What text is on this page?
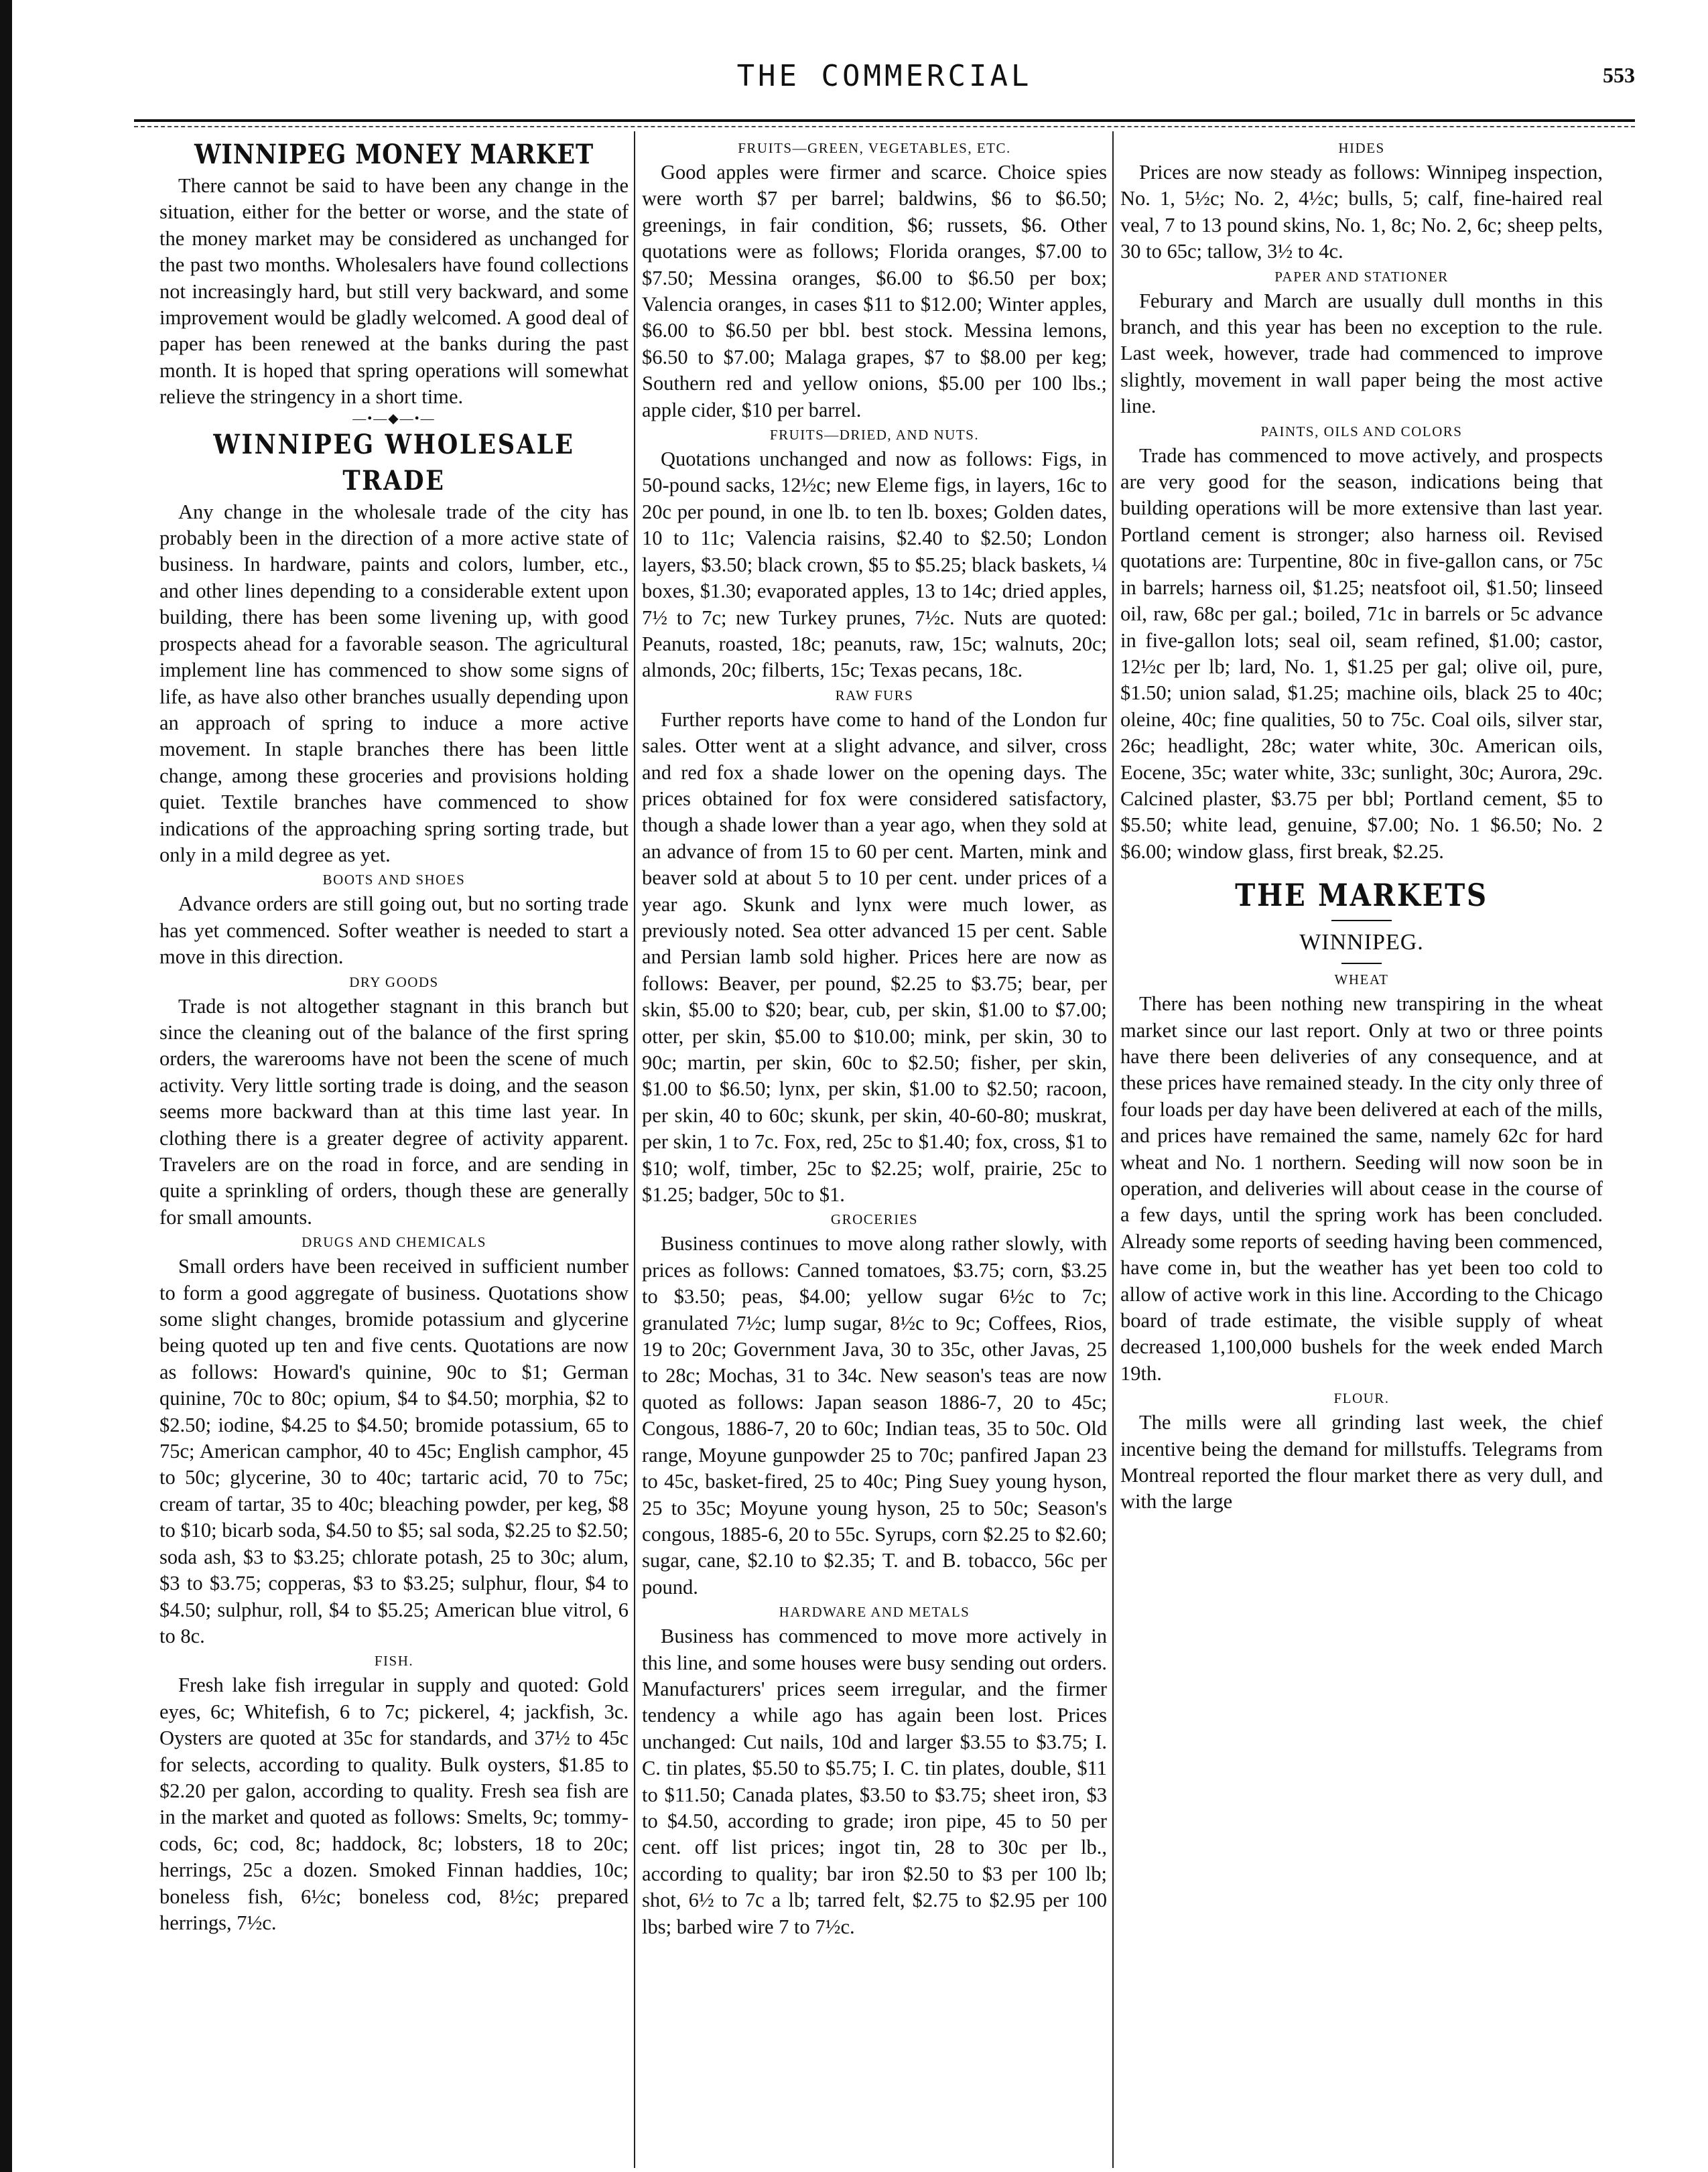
THE COMMERCIAL	553
WINNIPEG MONEY MARKET

There cannot be said to have been any change in the situation, either for the better or worse, and the state of the money market may be considered as unchanged for the past two months. Wholesalers have found collections not increasingly hard, but still very backward, and some improvement would be gladly welcomed. A good deal of paper has been renewed at the banks during the past month. It is hoped that spring operations will somewhat relieve the stringency in a short time.

—•—◆—•—
WINNIPEG WHOLESALE TRADE

Any change in the wholesale trade of the city has probably been in the direction of a more active state of business. In hardware, paints and colors, lumber, etc., and other lines depending to a considerable extent upon building, there has been some livening up, with good prospects ahead for a favorable season. The agricultural implement line has commenced to show some signs of life, as have also other branches usually depending upon an approach of spring to induce a more active movement. In staple branches there has been little change, among these groceries and provisions holding quiet. Textile branches have commenced to show indications of the approaching spring sorting trade, but only in a mild degree as yet.

BOOTS AND SHOES

Advance orders are still going out, but no sorting trade has yet commenced. Softer weather is needed to start a move in this direction.

DRY GOODS

Trade is not altogether stagnant in this branch but since the cleaning out of the balance of the first spring orders, the warerooms have not been the scene of much activity. Very little sorting trade is doing, and the season seems more backward than at this time last year. In clothing there is a greater degree of activity apparent. Travelers are on the road in force, and are sending in quite a sprinkling of orders, though these are generally for small amounts.

DRUGS AND CHEMICALS

Small orders have been received in sufficient number to form a good aggregate of business. Quotations show some slight changes, bromide potassium and glycerine being quoted up ten and five cents. Quotations are now as follows: Howard's quinine, 90c to $1; German quinine, 70c to 80c; opium, $4 to $4.50; morphia, $2 to $2.50; iodine, $4.25 to $4.50; bromide potassium, 65 to 75c; American camphor, 40 to 45c; English camphor, 45 to 50c; glycerine, 30 to 40c; tartaric acid, 70 to 75c; cream of tartar, 35 to 40c; bleaching powder, per keg, $8 to $10; bicarb soda, $4.50 to $5; sal soda, $2.25 to $2.50; soda ash, $3 to $3.25; chlorate potash, 25 to 30c; alum, $3 to $3.75; copperas, $3 to $3.25; sulphur, flour, $4 to $4.50; sulphur, roll, $4 to $5.25; American blue vitrol, 6 to 8c.

FISH.

Fresh lake fish irregular in supply and quoted: Gold eyes, 6c; Whitefish, 6 to 7c; pickerel, 4; jackfish, 3c. Oysters are quoted at 35c for standards, and 37½ to 45c for selects, according to quality. Bulk oysters, $1.85 to $2.20 per galon, according to quality. Fresh sea fish are in the market and quoted as follows: Smelts, 9c; tommy-cods, 6c; cod, 8c; haddock, 8c; lobsters, 18 to 20c; herrings, 25c a dozen. Smoked Finnan haddies, 10c; boneless fish, 6½c; boneless cod, 8½c; prepared herrings, 7½c.

FRUITS—GREEN, VEGETABLES, ETC.

Good apples were firmer and scarce. Choice spies were worth $7 per barrel; baldwins, $6 to $6.50; greenings, in fair condition, $6; russets, $6. Other quotations were as follows; Florida oranges, $7.00 to $7.50; Messina oranges, $6.00 to $6.50 per box; Valencia oranges, in cases $11 to $12.00; Winter apples, $6.00 to $6.50 per bbl. best stock. Messina lemons, $6.50 to $7.00; Malaga grapes, $7 to $8.00 per keg; Southern red and yellow onions, $5.00 per 100 lbs.; apple cider, $10 per barrel.

FRUITS—DRIED, AND NUTS.

Quotations unchanged and now as follows: Figs, in 50-pound sacks, 12½c; new Eleme figs, in layers, 16c to 20c per pound, in one lb. to ten lb. boxes; Golden dates, 10 to 11c; Valencia raisins, $2.40 to $2.50; London layers, $3.50; black crown, $5 to $5.25; black baskets, ¼ boxes, $1.30; evaporated apples, 13 to 14c; dried apples, 7½ to 7c; new Turkey prunes, 7½c. Nuts are quoted: Peanuts, roasted, 18c; peanuts, raw, 15c; walnuts, 20c; almonds, 20c; filberts, 15c; Texas pecans, 18c.

RAW FURS

Further reports have come to hand of the London fur sales. Otter went at a slight advance, and silver, cross and red fox a shade lower on the opening days. The prices obtained for fox were considered satisfactory, though a shade lower than a year ago, when they sold at an advance of from 15 to 60 per cent. Marten, mink and beaver sold at about 5 to 10 per cent. under prices of a year ago. Skunk and lynx were much lower, as previously noted. Sea otter advanced 15 per cent. Sable and Persian lamb sold higher. Prices here are now as follows: Beaver, per pound, $2.25 to $3.75; bear, per skin, $5.00 to $20; bear, cub, per skin, $1.00 to $7.00; otter, per skin, $5.00 to $10.00; mink, per skin, 30 to 90c; martin, per skin, 60c to $2.50; fisher, per skin, $1.00 to $6.50; lynx, per skin, $1.00 to $2.50; racoon, per skin, 40 to 60c; skunk, per skin, 40-60-80; muskrat, per skin, 1 to 7c. Fox, red, 25c to $1.40; fox, cross, $1 to $10; wolf, timber, 25c to $2.25; wolf, prairie, 25c to $1.25; badger, 50c to $1.

GROCERIES

Business continues to move along rather slowly, with prices as follows: Canned tomatoes, $3.75; corn, $3.25 to $3.50; peas, $4.00; yellow sugar 6½c to 7c; granulated 7½c; lump sugar, 8½c to 9c; Coffees, Rios, 19 to 20c; Government Java, 30 to 35c, other Javas, 25 to 28c; Mochas, 31 to 34c. New season's teas are now quoted as follows: Japan season 1886-7, 20 to 45c; Congous, 1886-7, 20 to 60c; Indian teas, 35 to 50c. Old range, Moyune gunpowder 25 to 70c; panfired Japan 23 to 45c, basket-fired, 25 to 40c; Ping Suey young hyson, 25 to 35c; Moyune young hyson, 25 to 50c; Season's congous, 1885-6, 20 to 55c. Syrups, corn $2.25 to $2.60; sugar, cane, $2.10 to $2.35; T. and B. tobacco, 56c per pound.

HARDWARE AND METALS

Business has commenced to move more actively in this line, and some houses were busy sending out orders. Manufacturers' prices seem irregular, and the firmer tendency a while ago has again been lost. Prices unchanged: Cut nails, 10d and larger $3.55 to $3.75; I. C. tin plates, $5.50 to $5.75; I. C. tin plates, double, $11 to $11.50; Canada plates, $3.50 to $3.75; sheet iron, $3 to $4.50, according to grade; iron pipe, 45 to 50 per cent. off list prices; ingot tin, 28 to 30c per lb., according to quality; bar iron $2.50 to $3 per 100 lb; shot, 6½ to 7c a lb; tarred felt, $2.75 to $2.95 per 100 lbs; barbed wire 7 to 7½c.

HIDES

Prices are now steady as follows: Winnipeg inspection, No. 1, 5½c; No. 2, 4½c; bulls, 5; calf, fine-haired real veal, 7 to 13 pound skins, No. 1, 8c; No. 2, 6c; sheep pelts, 30 to 65c; tallow, 3½ to 4c.

PAPER AND STATIONER

Feburary and March are usually dull months in this branch, and this year has been no exception to the rule. Last week, however, trade had commenced to improve slightly, movement in wall paper being the most active line.

PAINTS, OILS AND COLORS

Trade has commenced to move actively, and prospects are very good for the season, indications being that building operations will be more extensive than last year. Portland cement is stronger; also harness oil. Revised quotations are: Turpentine, 80c in five-gallon cans, or 75c in barrels; harness oil, $1.25; neatsfoot oil, $1.50; linseed oil, raw, 68c per gal.; boiled, 71c in barrels or 5c advance in five-gallon lots; seal oil, seam refined, $1.00; castor, 12½c per lb; lard, No. 1, $1.25 per gal; olive oil, pure, $1.50; union salad, $1.25; machine oils, black 25 to 40c; oleine, 40c; fine qualities, 50 to 75c. Coal oils, silver star, 26c; headlight, 28c; water white, 30c. American oils, Eocene, 35c; water white, 33c; sunlight, 30c; Aurora, 29c. Calcined plaster, $3.75 per bbl; Portland cement, $5 to $5.50; white lead, genuine, $7.00; No. 1 $6.50; No. 2 $6.00; window glass, first break, $2.25.

THE MARKETS
WINNIPEG.
WHEAT

There has been nothing new transpiring in the wheat market since our last report. Only at two or three points have there been deliveries of any consequence, and at these prices have remained steady. In the city only three of four loads per day have been delivered at each of the mills, and prices have remained the same, namely 62c for hard wheat and No. 1 northern. Seeding will now soon be in operation, and deliveries will about cease in the course of a few days, until the spring work has been concluded. Already some reports of seeding having been commenced, have come in, but the weather has yet been too cold to allow of active work in this line. According to the Chicago board of trade estimate, the visible supply of wheat decreased 1,100,000 bushels for the week ended March 19th.

FLOUR.

The mills were all grinding last week, the chief incentive being the demand for millstuffs. Telegrams from Montreal reported the flour market there as very dull, and with the large
